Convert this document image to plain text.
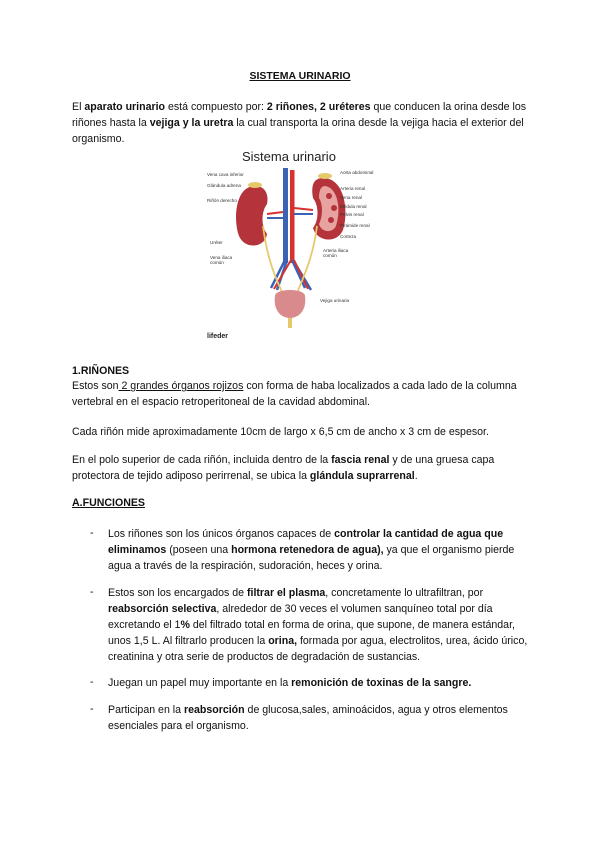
SISTEMA URINARIO
El aparato urinario está compuesto por: 2 riñones, 2 uréteres que conducen la orina desde los riñones hasta la vejiga y la uretra la cual transporta la orina desde la vejiga hacia el exterior del organismo.
Sistema urinario
Vena cava inferior
Glándula adrena
Riñón derecho
Uréter
Vena iliaca común
Aorta abdominal
Arteria renal
Vena renal
Médula renal
Pelvis renal
Pirámide renal
Corteza
Arteria iliaca común
Vejiga urinaria
lifeder
1.RIÑONES
Estos son 2 grandes órganos rojizos con forma de haba localizados a cada lado de la columna vertebral en el espacio retroperitoneal de la cavidad abdominal.
Cada riñón mide aproximadamente 10cm de largo x 6,5 cm de ancho x 3 cm de espesor.
En el polo superior de cada riñón, incluida dentro de la fascia renal y de una gruesa capa protectora de tejido adiposo perirrenal, se ubica la glándula suprarrenal.
A.FUNCIONES
- Los riñones son los únicos órganos capaces de controlar la cantidad de agua que eliminamos (poseen una hormona retenedora de agua), ya que el organismo pierde agua a través de la respiración, sudoración, heces y orina.
- Estos son los encargados de filtrar el plasma, concretamente lo ultrafiltran, por reabsorción selectiva, alrededor de 30 veces el volumen sanquíneo total por día excretando el 1% del filtrado total en forma de orina, que supone, de manera estándar, unos 1,5 L. Al filtrarlo producen la orina, formada por agua, electrolitos, urea, ácido úrico, creatinina y otra serie de productos de degradación de sustancias.
- Juegan un papel muy importante en la remonición de toxinas de la sangre.
- Participan en la reabsorción de glucosa,sales, aminoácidos, agua y otros elementos esenciales para el organismo.
